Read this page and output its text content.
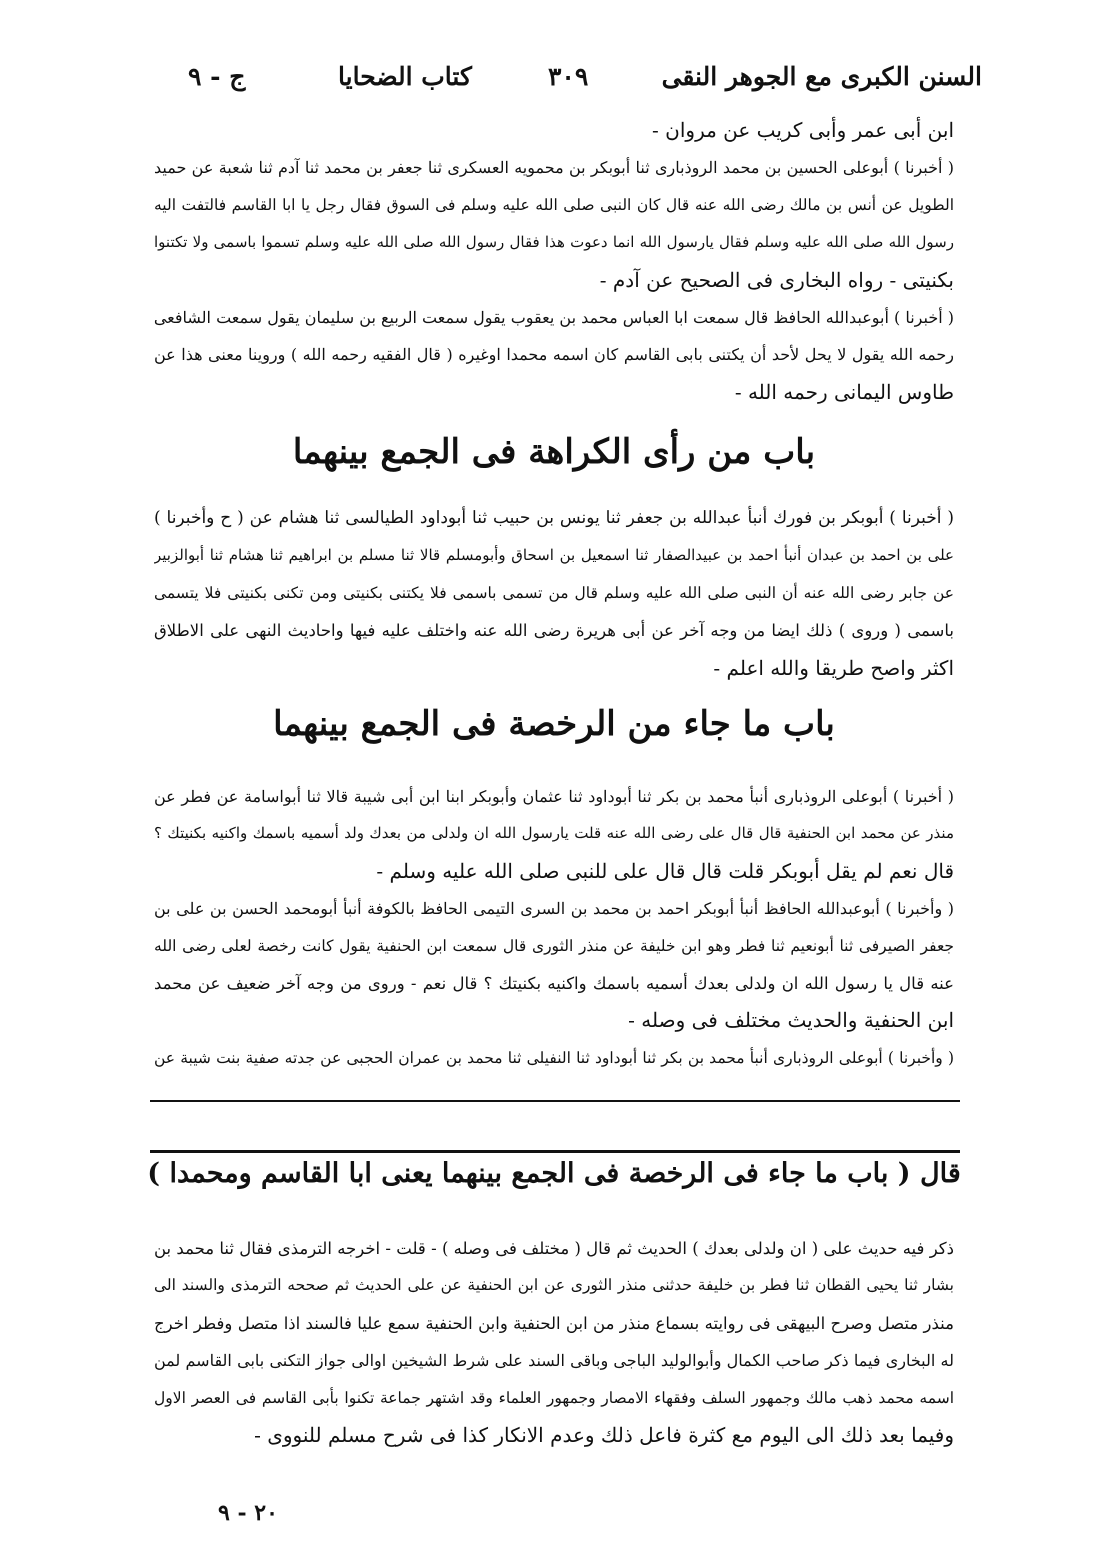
السنن الكبرى مع الجوهر النقى
٣٠٩
كتاب الضحايا
ج - ٩
ابن أبى عمر وأبى كريب عن مروان -
( أخبرنا ) أبوعلى الحسين بن محمد الروذبارى ثنا أبوبكر بن محمويه العسكرى ثنا جعفر بن محمد ثنا آدم ثنا شعبة عن حميد
الطويل عن أنس بن مالك رضى الله عنه قال كان النبى صلى الله عليه وسلم فى السوق فقال رجل يا ابا القاسم فالتفت اليه
رسول الله صلى الله عليه وسلم فقال يارسول الله انما دعوت هذا فقال رسول الله صلى الله عليه وسلم تسموا باسمى ولا تكتنوا
بكنيتى - رواه البخارى فى الصحيح عن آدم -
( أخبرنا ) أبوعبدالله الحافظ قال سمعت ابا العباس محمد بن يعقوب يقول سمعت الربيع بن سليمان يقول سمعت الشافعى
رحمه الله يقول لا يحل لأحد أن يكتنى بابى القاسم كان اسمه محمدا اوغيره ( قال الفقيه رحمه الله ) وروينا معنى هذا عن
طاوس اليمانى رحمه الله -
باب من رأى الكراهة فى الجمع بينهما
( أخبرنا ) أبوبكر بن فورك أنبأ عبدالله بن جعفر ثنا يونس بن حبيب ثنا أبوداود الطيالسى ثنا هشام عن ( ح وأخبرنا )
على بن احمد بن عبدان أنبأ احمد بن عبيدالصفار ثنا اسمعيل بن اسحاق وأبومسلم قالا ثنا مسلم بن ابراهيم ثنا هشام ثنا أبوالزبير
عن جابر رضى الله عنه أن النبى صلى الله عليه وسلم قال من تسمى باسمى فلا يكتنى بكنيتى ومن تكنى بكنيتى فلا يتسمى
باسمى ( وروى ) ذلك ايضا من وجه آخر عن أبى هريرة رضى الله عنه واختلف عليه فيها واحاديث النهى على الاطلاق
اكثر واصح طريقا والله اعلم -
باب ما جاء من الرخصة فى الجمع بينهما
( أخبرنا ) أبوعلى الروذبارى أنبأ محمد بن بكر ثنا أبوداود ثنا عثمان وأبوبكر ابنا ابن أبى شيبة قالا ثنا أبواسامة عن فطر عن
منذر عن محمد ابن الحنفية قال قال على رضى الله عنه قلت يارسول الله ان ولدلى من بعدك ولد أسميه باسمك واكنيه بكنيتك ؟
قال نعم لم يقل أبوبكر قلت قال قال على للنبى صلى الله عليه وسلم -
( وأخبرنا ) أبوعبدالله الحافظ أنبأ أبوبكر احمد بن محمد بن السرى التيمى الحافظ بالكوفة أنبأ أبومحمد الحسن بن على بن
جعفر الصيرفى ثنا أبونعيم ثنا فطر وهو ابن خليفة عن منذر الثورى قال سمعت ابن الحنفية يقول كانت رخصة لعلى رضى الله
عنه قال يا رسول الله ان ولدلى بعدك أسميه باسمك واكنيه بكنيتك ؟ قال نعم - وروى من وجه آخر ضعيف عن محمد
ابن الحنفية والحديث مختلف فى وصله -
( وأخبرنا ) أبوعلى الروذبارى أنبأ محمد بن بكر ثنا أبوداود ثنا النفيلى ثنا محمد بن عمران الحجبى عن جدته صفية بنت شيبة عن
قال ( باب ما جاء فى الرخصة فى الجمع بينهما يعنى ابا القاسم ومحمدا )
ذكر فيه حديث على ( ان ولدلى بعدك ) الحديث ثم قال ( مختلف فى وصله ) - قلت - اخرجه الترمذى فقال ثنا محمد بن
بشار ثنا يحيى القطان ثنا فطر بن خليفة حدثنى منذر الثورى عن ابن الحنفية عن على الحديث ثم صححه الترمذى والسند الى
منذر متصل وصرح البيهقى فى روايته بسماع منذر من ابن الحنفية وابن الحنفية سمع عليا فالسند اذا متصل وفطر اخرج
له البخارى فيما ذكر صاحب الكمال وأبوالوليد الباجى وباقى السند على شرط الشيخين اوالى جواز التكنى بابى القاسم لمن
اسمه محمد ذهب مالك وجمهور السلف وفقهاء الامصار وجمهور العلماء وقد اشتهر جماعة تكنوا بأبى القاسم فى العصر الاول
وفيما بعد ذلك الى اليوم مع كثرة فاعل ذلك وعدم الانكار كذا فى شرح مسلم للنووى -
٢٠ - ٩
